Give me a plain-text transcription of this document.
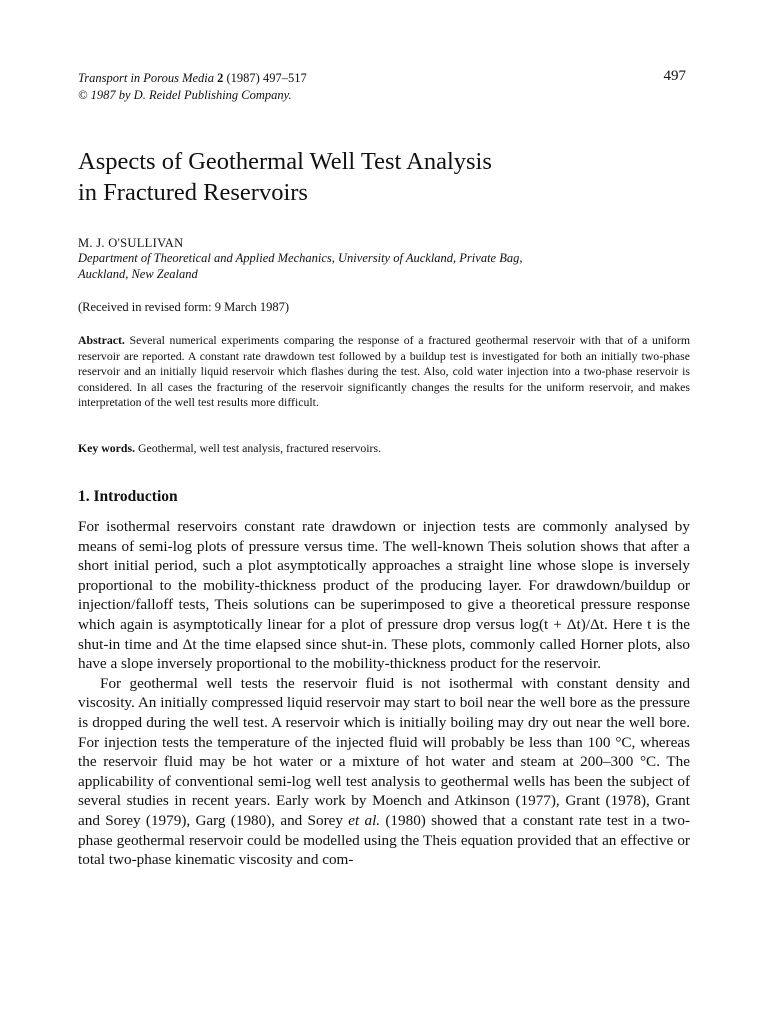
Transport in Porous Media 2 (1987) 497–517
© 1987 by D. Reidel Publishing Company.
497
Aspects of Geothermal Well Test Analysis
in Fractured Reservoirs
M. J. O'SULLIVAN
Department of Theoretical and Applied Mechanics, University of Auckland, Private Bag,
Auckland, New Zealand
(Received in revised form: 9 March 1987)
Abstract. Several numerical experiments comparing the response of a fractured geothermal reservoir with that of a uniform reservoir are reported. A constant rate drawdown test followed by a buildup test is investigated for both an initially two-phase reservoir and an initially liquid reservoir which flashes during the test. Also, cold water injection into a two-phase reservoir is considered. In all cases the fracturing of the reservoir significantly changes the results for the uniform reservoir, and makes interpretation of the well test results more difficult.
Key words. Geothermal, well test analysis, fractured reservoirs.
1. Introduction

For isothermal reservoirs constant rate drawdown or injection tests are commonly analysed by means of semi-log plots of pressure versus time. The well-known Theis solution shows that after a short initial period, such a plot asymptotically approaches a straight line whose slope is inversely proportional to the mobility-thickness product of the producing layer. For drawdown/buildup or injection/falloff tests, Theis solutions can be superimposed to give a theoretical pressure response which again is asymptotically linear for a plot of pressure drop versus log(t + Δt)/Δt. Here t is the shut-in time and Δt the time elapsed since shut-in. These plots, commonly called Horner plots, also have a slope inversely proportional to the mobility-thickness product for the reservoir.

For geothermal well tests the reservoir fluid is not isothermal with constant density and viscosity. An initially compressed liquid reservoir may start to boil near the well bore as the pressure is dropped during the well test. A reservoir which is initially boiling may dry out near the well bore. For injection tests the temperature of the injected fluid will probably be less than 100 °C, whereas the reservoir fluid may be hot water or a mixture of hot water and steam at 200–300 °C. The applicability of conventional semi-log well test analysis to geothermal wells has been the subject of several studies in recent years. Early work by Moench and Atkinson (1977), Grant (1978), Grant and Sorey (1979), Garg (1980), and Sorey et al. (1980) showed that a constant rate test in a two-phase geothermal reservoir could be modelled using the Theis equation provided that an effective or total two-phase kinematic viscosity and com-
